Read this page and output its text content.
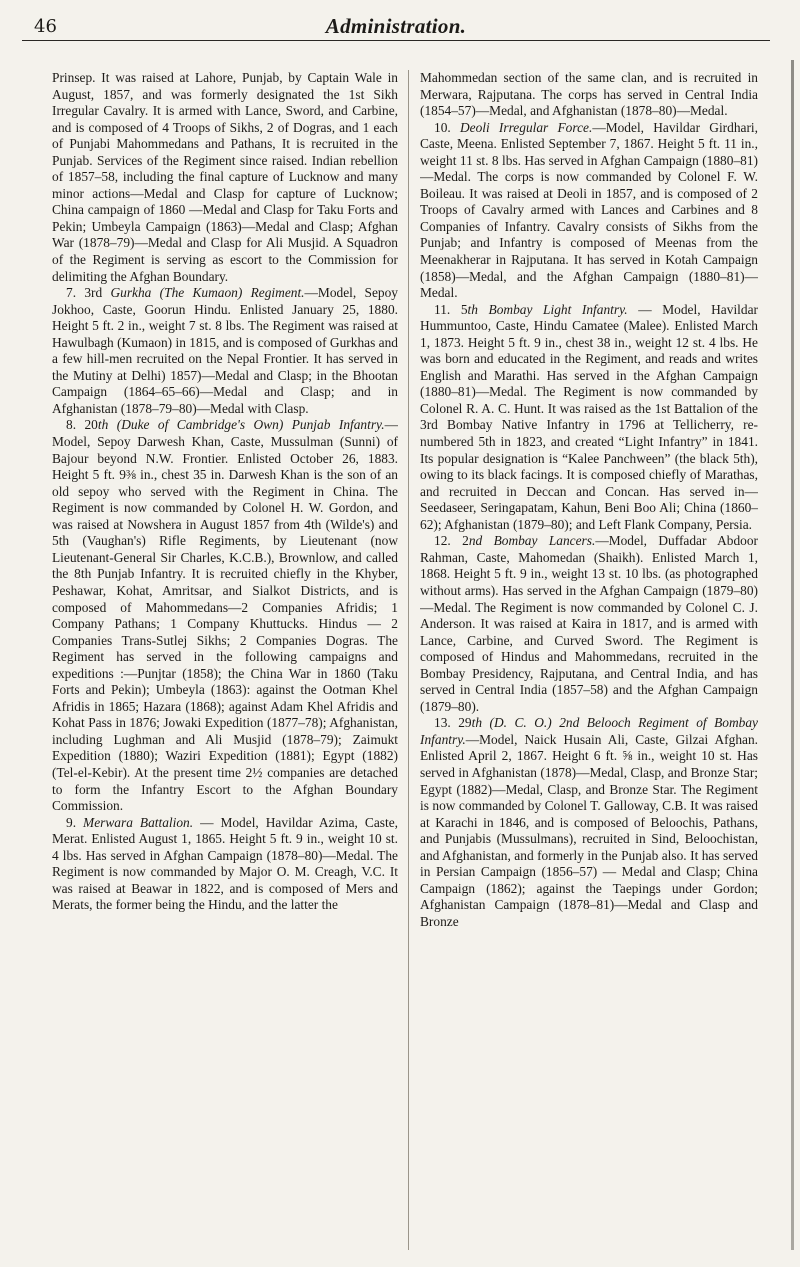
46	Administration.

Prinsep. It was raised at Lahore, Punjab, by Captain Wale in August, 1857, and was formerly designated the 1st Sikh Irregular Cavalry. It is armed with Lance, Sword, and Carbine, and is composed of 4 Troops of Sikhs, 2 of Dogras, and 1 each of Punjabi Mahommedans and Pathans, It is recruited in the Punjab. Services of the Regiment since raised. Indian rebellion of 1857–58, including the final capture of Lucknow and many minor actions—Medal and Clasp for capture of Lucknow; China campaign of 1860 —Medal and Clasp for Taku Forts and Pekin; Umbeyla Campaign (1863)—Medal and Clasp; Afghan War (1878–79)—Medal and Clasp for Ali Musjid. A Squadron of the Regiment is serving as escort to the Commission for delimiting the Afghan Boundary.

7. 3rd Gurkha (The Kumaon) Regiment.—Model, Sepoy Jokhoo, Caste, Goorun Hindu. Enlisted January 25, 1880. Height 5 ft. 2 in., weight 7 st. 8 lbs. The Regiment was raised at Hawulbagh (Kumaon) in 1815, and is composed of Gurkhas and a few hill-men recruited on the Nepal Frontier. It has served in the Mutiny at Delhi) 1857)—Medal and Clasp; in the Bhootan Campaign (1864–65–66)—Medal and Clasp; and in Afghanistan (1878–79–80)—Medal with Clasp.

8. 20th (Duke of Cambridge's Own) Punjab Infantry.—Model, Sepoy Darwesh Khan, Caste, Mussulman (Sunni) of Bajour beyond N.W. Frontier. Enlisted October 26, 1883. Height 5 ft. 9⅜ in., chest 35 in. Darwesh Khan is the son of an old sepoy who served with the Regiment in China. The Regiment is now commanded by Colonel H. W. Gordon, and was raised at Nowshera in August 1857 from 4th (Wilde's) and 5th (Vaughan's) Rifle Regiments, by Lieutenant (now Lieutenant-General Sir Charles, K.C.B.), Brownlow, and called the 8th Punjab Infantry. It is recruited chiefly in the Khyber, Peshawar, Kohat, Amritsar, and Sialkot Districts, and is composed of Mahommedans—2 Companies Afridis; 1 Company Pathans; 1 Company Khuttucks. Hindus — 2 Companies Trans-Sutlej Sikhs; 2 Companies Dogras. The Regiment has served in the following campaigns and expeditions :—Punjtar (1858); the China War in 1860 (Taku Forts and Pekin); Umbeyla (1863): against the Ootman Khel Afridis in 1865; Hazara (1868); against Adam Khel Afridis and Kohat Pass in 1876; Jowaki Expedition (1877–78); Afghanistan, including Lughman and Ali Musjid (1878–79); Zaimukt Expedition (1880); Waziri Expedition (1881); Egypt (1882) (Tel-el-Kebir). At the present time 2½ companies are detached to form the Infantry Escort to the Afghan Boundary Commission.

9. Merwara Battalion. — Model, Havildar Azima, Caste, Merat. Enlisted August 1, 1865. Height 5 ft. 9 in., weight 10 st. 4 lbs. Has served in Afghan Campaign (1878–80)—Medal. The Regiment is now commanded by Major O. M. Creagh, V.C. It was raised at Beawar in 1822, and is composed of Mers and Merats, the former being the Hindu, and the latter the

Mahommedan section of the same clan, and is recruited in Merwara, Rajputana. The corps has served in Central India (1854–57)—Medal, and Afghanistan (1878–80)—Medal.

10. Deoli Irregular Force.—Model, Havildar Girdhari, Caste, Meena. Enlisted September 7, 1867. Height 5 ft. 11 in., weight 11 st. 8 lbs. Has served in Afghan Campaign (1880–81)—Medal. The corps is now commanded by Colonel F. W. Boileau. It was raised at Deoli in 1857, and is composed of 2 Troops of Cavalry armed with Lances and Carbines and 8 Companies of Infantry. Cavalry consists of Sikhs from the Punjab; and Infantry is composed of Meenas from the Meenakherar in Rajputana. It has served in Kotah Campaign (1858)—Medal, and the Afghan Campaign (1880–81)—Medal.

11. 5th Bombay Light Infantry. — Model, Havildar Hummuntoo, Caste, Hindu Camatee (Malee). Enlisted March 1, 1873. Height 5 ft. 9 in., chest 38 in., weight 12 st. 4 lbs. He was born and educated in the Regiment, and reads and writes English and Marathi. Has served in the Afghan Campaign (1880–81)—Medal. The Regiment is now commanded by Colonel R. A. C. Hunt. It was raised as the 1st Battalion of the 3rd Bombay Native Infantry in 1796 at Tellicherry, re-numbered 5th in 1823, and created “Light Infantry” in 1841. Its popular designation is “Kalee Panchween” (the black 5th), owing to its black facings. It is composed chiefly of Marathas, and recruited in Deccan and Concan. Has served in—Seedaseer, Seringapatam, Kahun, Beni Boo Ali; China (1860–62); Afghanistan (1879–80); and Left Flank Company, Persia.

12. 2nd Bombay Lancers.—Model, Duffadar Abdoor Rahman, Caste, Mahomedan (Shaikh). Enlisted March 1, 1868. Height 5 ft. 9 in., weight 13 st. 10 lbs. (as photographed without arms). Has served in the Afghan Campaign (1879–80)—Medal. The Regiment is now commanded by Colonel C. J. Anderson. It was raised at Kaira in 1817, and is armed with Lance, Carbine, and Curved Sword. The Regiment is composed of Hindus and Mahommedans, recruited in the Bombay Presidency, Rajputana, and Central India, and has served in Central India (1857–58) and the Afghan Campaign (1879–80).

13. 29th (D. C. O.) 2nd Belooch Regiment of Bombay Infantry.—Model, Naick Husain Ali, Caste, Gilzai Afghan. Enlisted April 2, 1867. Height 6 ft. ⅝ in., weight 10 st. Has served in Afghanistan (1878)—Medal, Clasp, and Bronze Star; Egypt (1882)—Medal, Clasp, and Bronze Star. The Regiment is now commanded by Colonel T. Galloway, C.B. It was raised at Karachi in 1846, and is composed of Beloochis, Pathans, and Punjabis (Mussulmans), recruited in Sind, Beloochistan, and Afghanistan, and formerly in the Punjab also. It has served in Persian Campaign (1856–57) — Medal and Clasp; China Campaign (1862); against the Taepings under Gordon; Afghanistan Campaign (1878–81)—Medal and Clasp and Bronze
